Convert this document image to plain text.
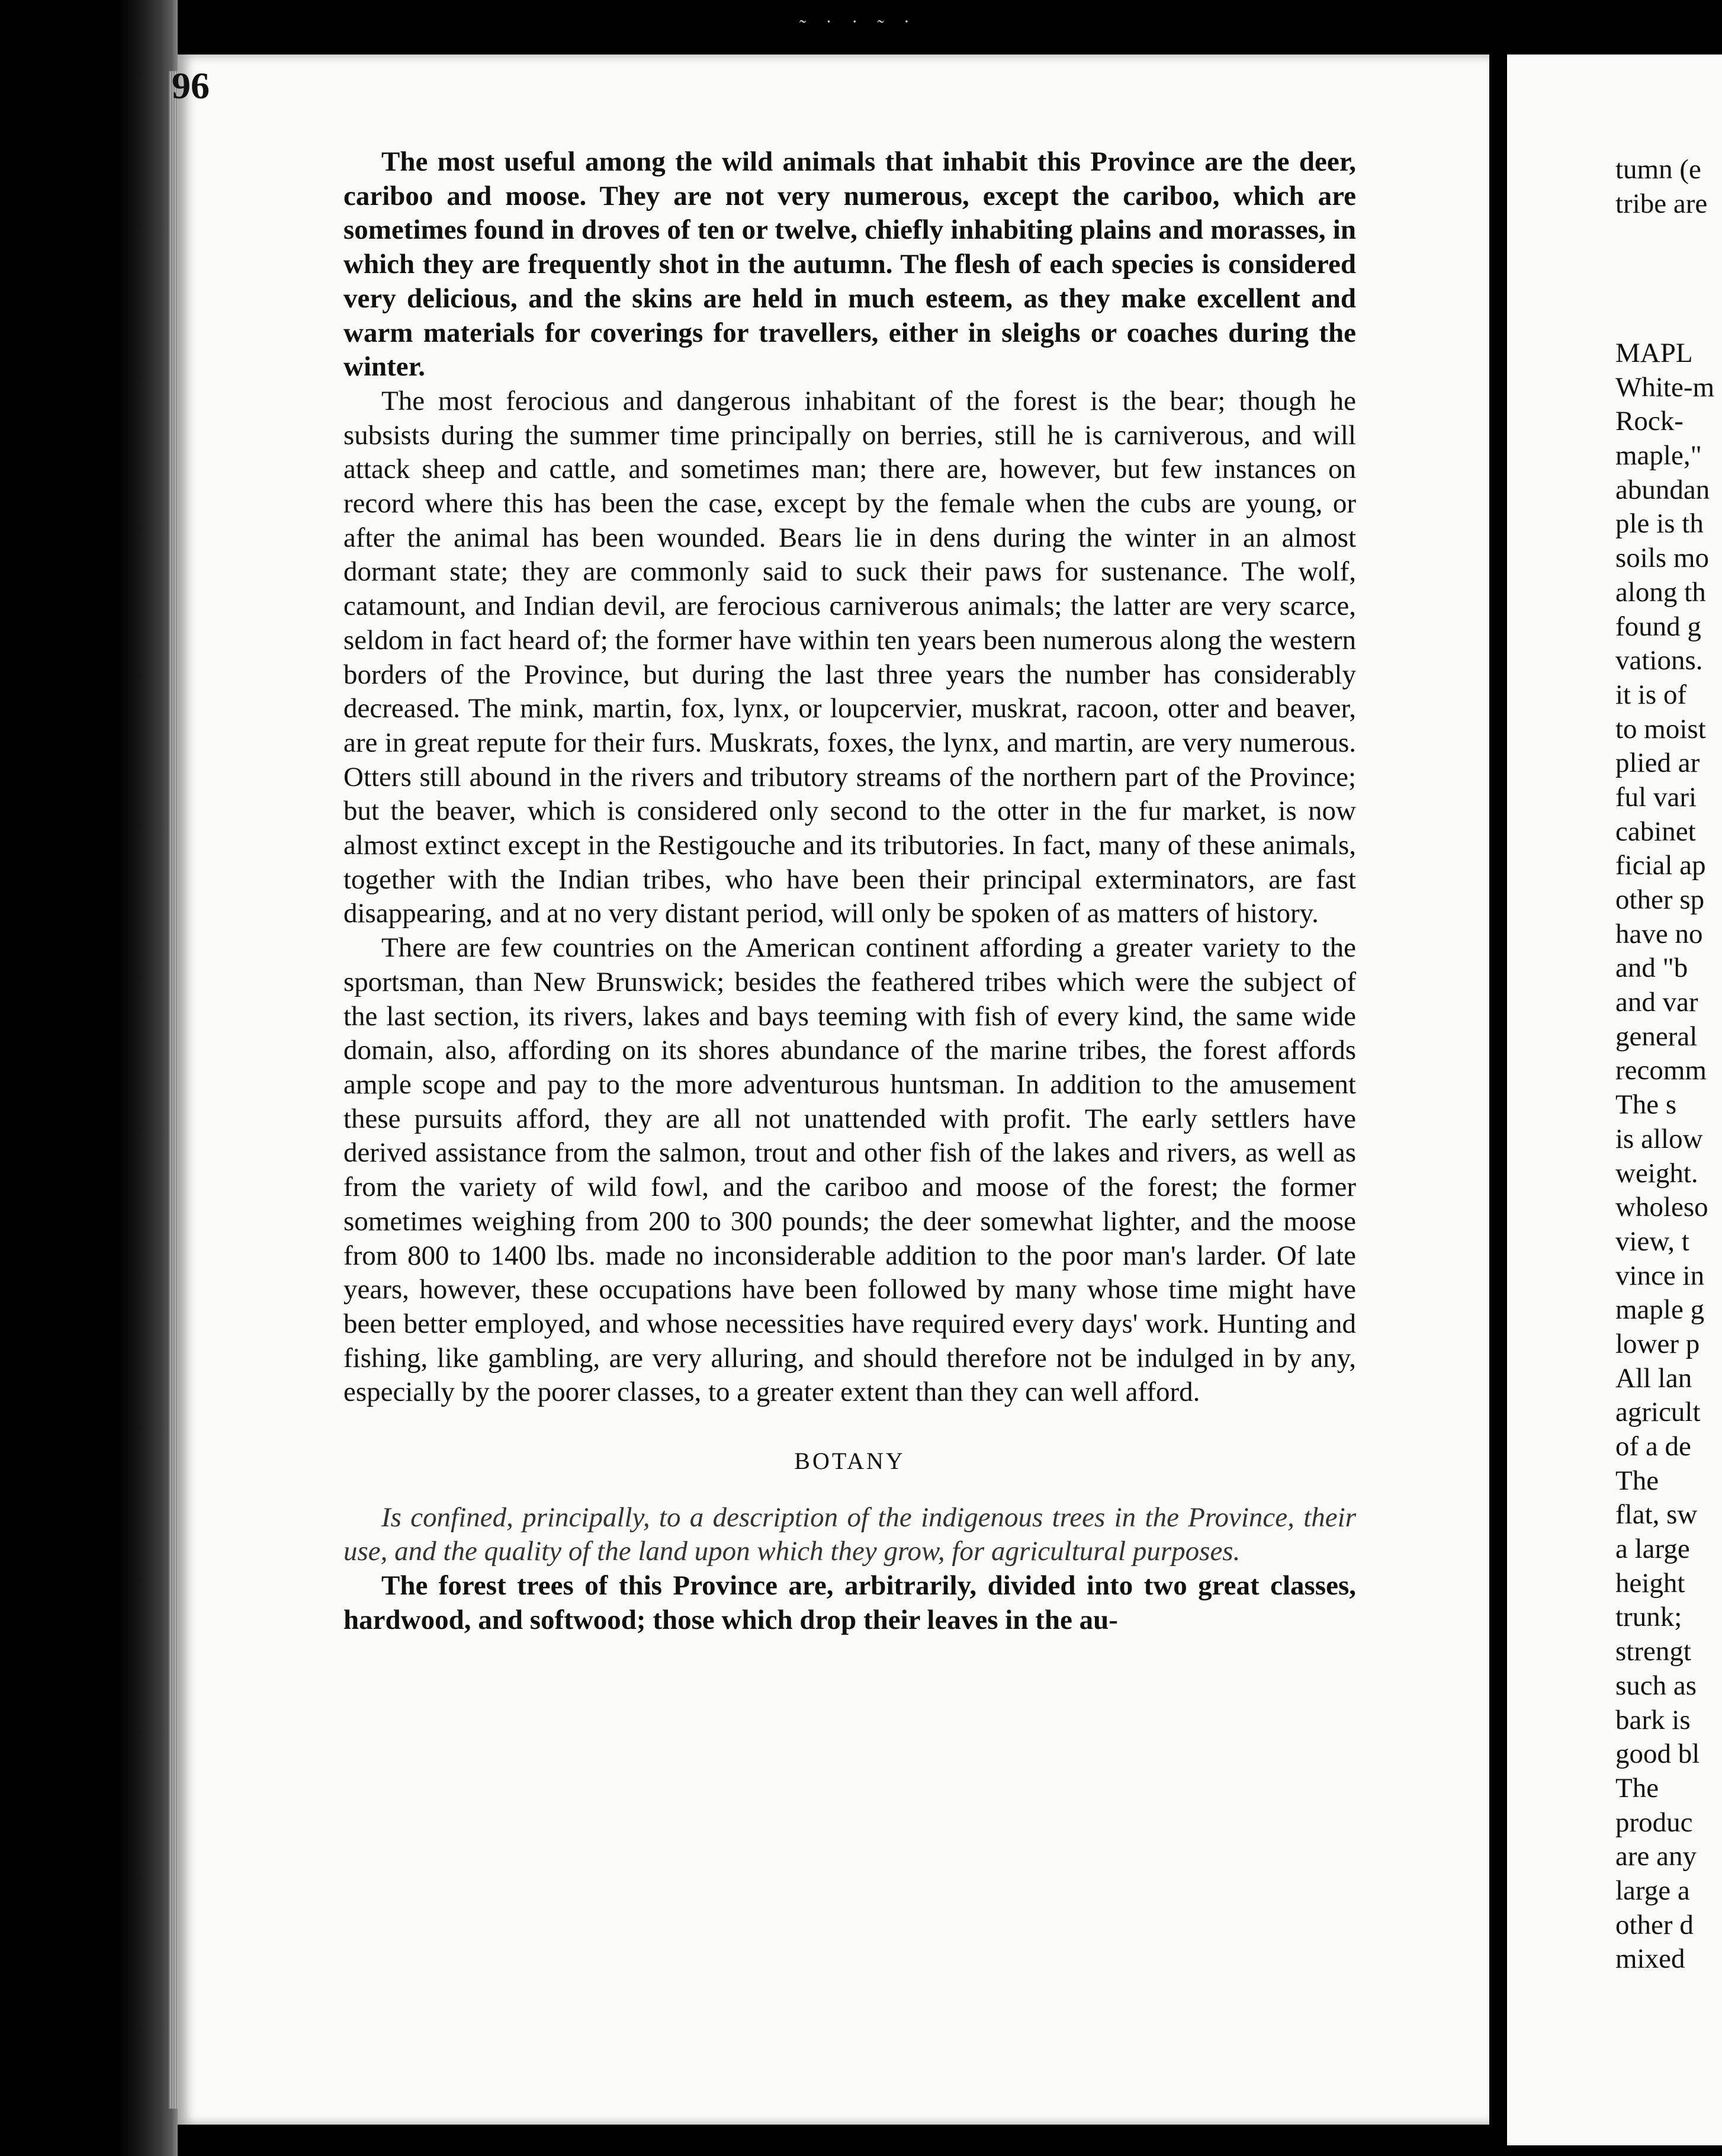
˜ ˙ ˙ ˜ ˙
96

The most useful among the wild animals that inhabit this Province are the deer, cariboo and moose. They are not very numerous, except the cariboo, which are sometimes found in droves of ten or twelve, chiefly inhabiting plains and morasses, in which they are frequently shot in the autumn. The flesh of each species is considered very delicious, and the skins are held in much esteem, as they make excellent and warm materials for coverings for travellers, either in sleighs or coaches during the winter.

The most ferocious and dangerous inhabitant of the forest is the bear; though he subsists during the summer time principally on berries, still he is carniverous, and will attack sheep and cattle, and sometimes man; there are, however, but few instances on record where this has been the case, except by the female when the cubs are young, or after the animal has been wounded. Bears lie in dens during the winter in an almost dormant state; they are commonly said to suck their paws for sustenance. The wolf, catamount, and Indian devil, are ferocious carniverous animals; the latter are very scarce, seldom in fact heard of; the former have within ten years been numerous along the western borders of the Province, but during the last three years the number has considerably decreased. The mink, martin, fox, lynx, or loupcervier, muskrat, racoon, otter and beaver, are in great repute for their furs. Muskrats, foxes, the lynx, and martin, are very numerous. Otters still abound in the rivers and tributory streams of the northern part of the Province; but the beaver, which is considered only second to the otter in the fur market, is now almost extinct except in the Restigouche and its tributories. In fact, many of these animals, together with the Indian tribes, who have been their principal exterminators, are fast disappearing, and at no very distant period, will only be spoken of as matters of history.

There are few countries on the American continent affording a greater variety to the sportsman, than New Brunswick; besides the feathered tribes which were the subject of the last section, its rivers, lakes and bays teeming with fish of every kind, the same wide domain, also, affording on its shores abundance of the marine tribes, the forest affords ample scope and pay to the more adventurous huntsman. In addition to the amusement these pursuits afford, they are all not unattended with profit. The early settlers have derived assistance from the salmon, trout and other fish of the lakes and rivers, as well as from the variety of wild fowl, and the cariboo and moose of the forest; the former sometimes weighing from 200 to 300 pounds; the deer somewhat lighter, and the moose from 800 to 1400 lbs. made no inconsiderable addition to the poor man's larder. Of late years, however, these occupations have been followed by many whose time might have been better employed, and whose necessities have required every days' work. Hunting and fishing, like gambling, are very alluring, and should therefore not be indulged in by any, especially by the poorer classes, to a greater extent than they can well afford.

BOTANY

Is confined, principally, to a description of the indigenous trees in the Province, their use, and the quality of the land upon which they grow, for agricultural purposes.

The forest trees of this Province are, arbitrarily, divided into two great classes, hardwood, and softwood; those which drop their leaves in the au-

tumn (e
tribe are
MAPL
White-m
Rock-
maple,"
abundan
ple is th
soils mo
along th
found g
vations.
it is of
to moist
plied ar
ful vari
cabinet
ficial ap
other sp
have no
and "b
and var
general
recomm
The s
is allow
weight.
wholeso
view, t
vince in
maple g
lower p
All lan
agricult
of a de
The
flat, sw
a large
height
trunk;
strengt
such as
bark is
good bl
The
produc
are any
large a
other d
mixed
